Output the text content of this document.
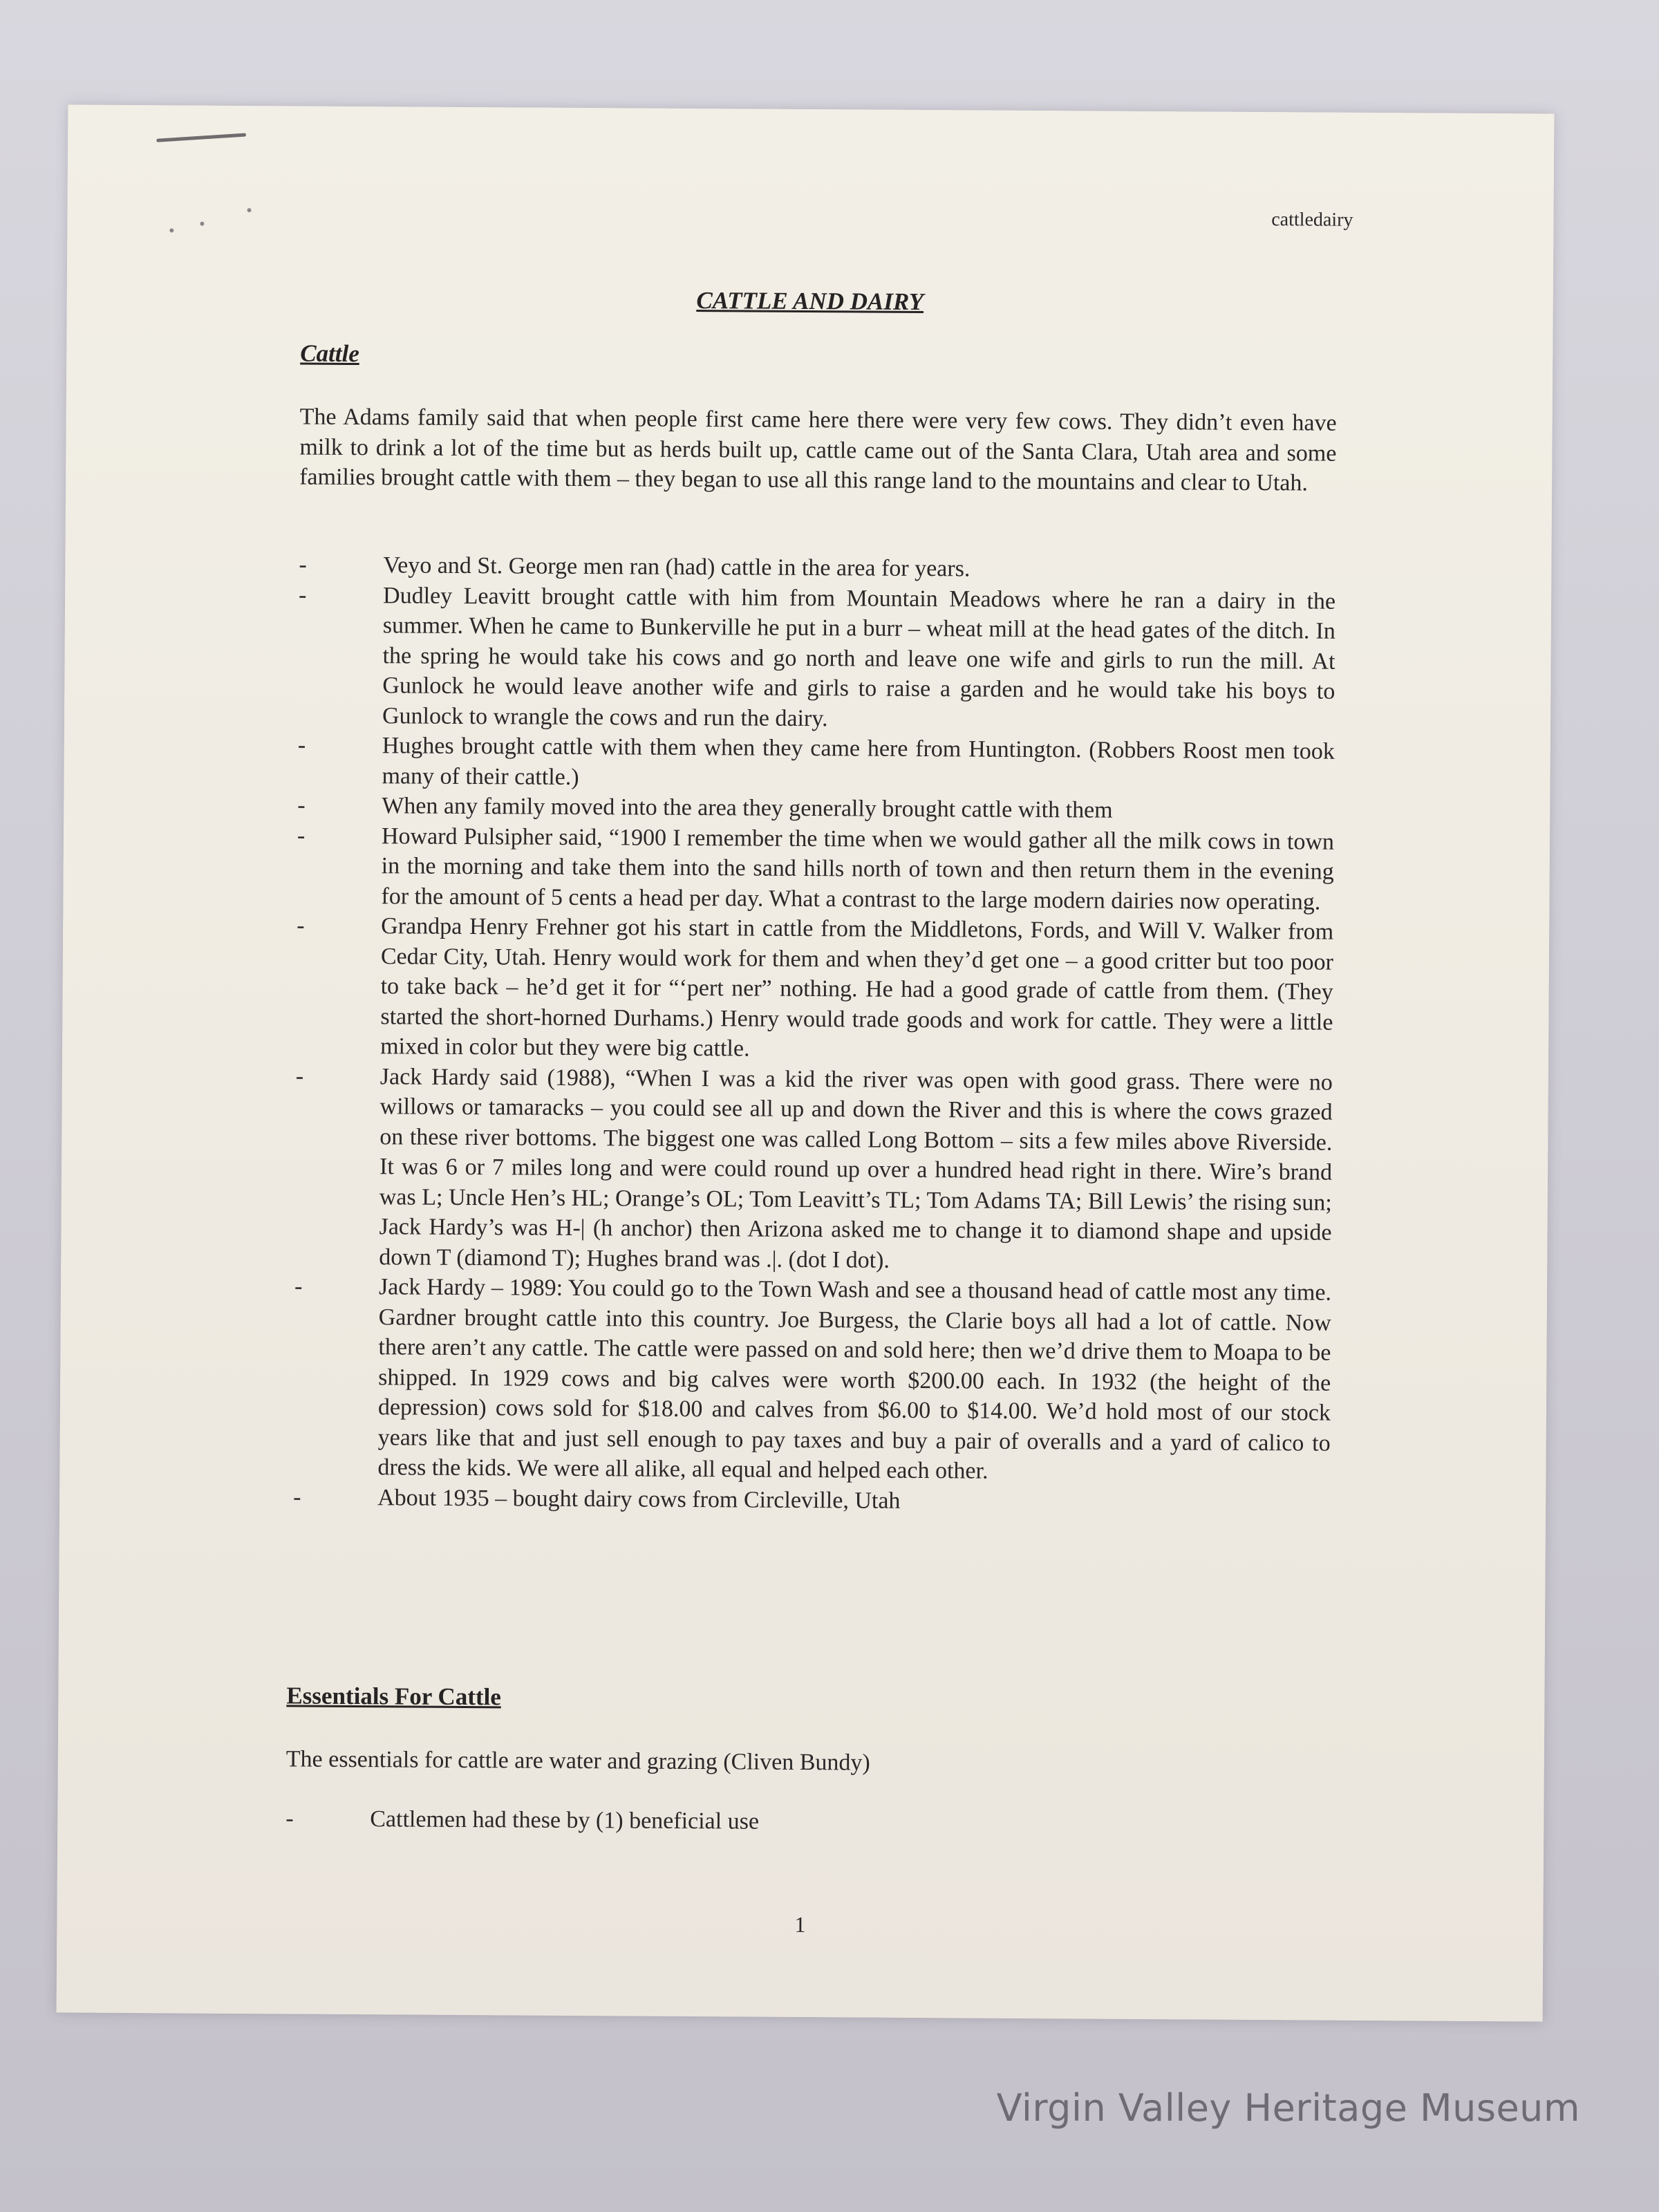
cattledairy
CATTLE AND DAIRY
Cattle
The Adams family said that when people first came here there were very few cows. They didn’t even have milk to drink a lot of the time but as herds built up, cattle came out of the Santa Clara, Utah area and some families brought cattle with them – they began to use all this range land to the mountains and clear to Utah.
-	Veyo and St. George men ran (had) cattle in the area for years.
-	Dudley Leavitt brought cattle with him from Mountain Meadows where he ran a dairy in the summer. When he came to Bunkerville he put in a burr – wheat mill at the head gates of the ditch. In the spring he would take his cows and go north and leave one wife and girls to run the mill. At Gunlock he would leave another wife and girls to raise a garden and he would take his boys to Gunlock to wrangle the cows and run the dairy.
-	Hughes brought cattle with them when they came here from Huntington. (Robbers Roost men took many of their cattle.)
-	When any family moved into the area they generally brought cattle with them
-	Howard Pulsipher said, “1900 I remember the time when we would gather all the milk cows in town in the morning and take them into the sand hills north of town and then return them in the evening for the amount of 5 cents a head per day. What a contrast to the large modern dairies now operating.
-	Grandpa Henry Frehner got his start in cattle from the Middletons, Fords, and Will V. Walker from Cedar City, Utah. Henry would work for them and when they’d get one – a good critter but too poor to take back – he’d get it for “‘pert ner” nothing. He had a good grade of cattle from them. (They started the short-horned Durhams.) Henry would trade goods and work for cattle. They were a little mixed in color but they were big cattle.
-	Jack Hardy said (1988), “When I was a kid the river was open with good grass. There were no willows or tamaracks – you could see all up and down the River and this is where the cows grazed on these river bottoms. The biggest one was called Long Bottom – sits a few miles above Riverside. It was 6 or 7 miles long and were could round up over a hundred head right in there. Wire’s brand was L; Uncle Hen’s HL; Orange’s OL; Tom Leavitt’s TL; Tom Adams TA; Bill Lewis’ the rising sun; Jack Hardy’s was H-| (h anchor) then Arizona asked me to change it to diamond shape and upside down T (diamond T); Hughes brand was .|. (dot I dot).
-	Jack Hardy – 1989: You could go to the Town Wash and see a thousand head of cattle most any time. Gardner brought cattle into this country. Joe Burgess, the Clarie boys all had a lot of cattle. Now there aren’t any cattle. The cattle were passed on and sold here; then we’d drive them to Moapa to be shipped. In 1929 cows and big calves were worth $200.00 each. In 1932 (the height of the depression) cows sold for $18.00 and calves from $6.00 to $14.00. We’d hold most of our stock years like that and just sell enough to pay taxes and buy a pair of overalls and a yard of calico to dress the kids. We were all alike, all equal and helped each other.
-	About 1935 – bought dairy cows from Circleville, Utah
Essentials For Cattle
The essentials for cattle are water and grazing (Cliven Bundy)
-	Cattlemen had these by (1) beneficial use
1
Virgin Valley Heritage Museum
